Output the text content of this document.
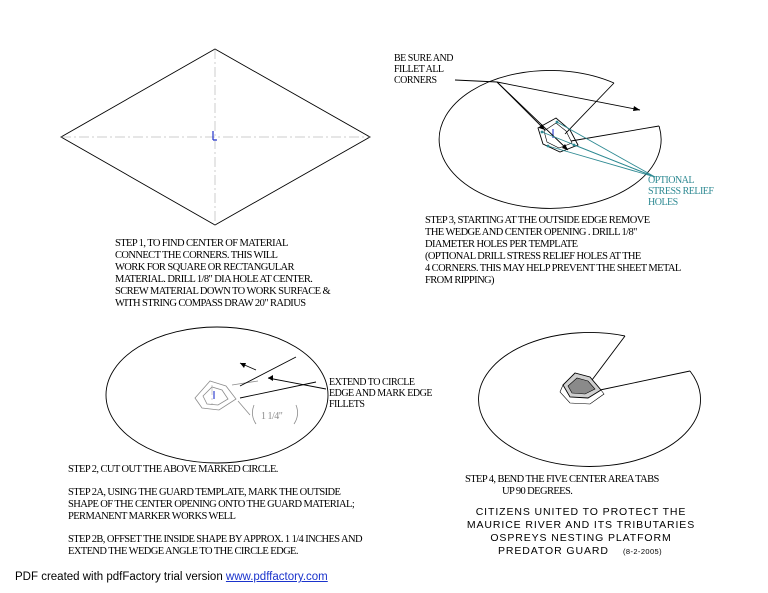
STEP 1, TO FIND CENTER OF MATERIAL
CONNECT THE CORNERS. THIS WILL
WORK FOR SQUARE OR RECTANGULAR
MATERIAL. DRILL 1/8" DIA HOLE AT CENTER.
SCREW MATERIAL DOWN TO WORK SURFACE &
WITH STRING COMPASS DRAW 20" RADIUS
BE SURE AND
FILLET ALL
CORNERS
OPTIONAL
STRESS RELIEF
HOLES
STEP 3, STARTING AT THE OUTSIDE EDGE REMOVE
THE WEDGE AND CENTER OPENING . DRILL 1/8"
DIAMETER HOLES PER TEMPLATE
(OPTIONAL DRILL STRESS RELIEF HOLES AT THE
4 CORNERS. THIS MAY HELP PREVENT THE SHEET METAL
FROM RIPPING)
1 1/4"
EXTEND TO CIRCLE
EDGE AND MARK EDGE
FILLETS
STEP 2, CUT OUT THE ABOVE MARKED CIRCLE.
STEP 2A, USING THE GUARD TEMPLATE, MARK THE OUTSIDE
SHAPE OF THE CENTER OPENING ONTO THE GUARD MATERIAL;
PERMANENT MARKER WORKS WELL
STEP 2B, OFFSET THE INSIDE SHAPE BY APPROX. 1 1/4 INCHES AND
EXTEND THE WEDGE ANGLE TO THE CIRCLE EDGE.
STEP 4, BEND THE FIVE CENTER AREA TABS
UP 90 DEGREES.
CITIZENS UNITED TO PROTECT THE
MAURICE RIVER AND ITS TRIBUTARIES
OSPREYS NESTING PLATFORM
PREDATOR GUARD (8-2-2005)
PDF created with pdfFactory trial version www.pdffactory.com
